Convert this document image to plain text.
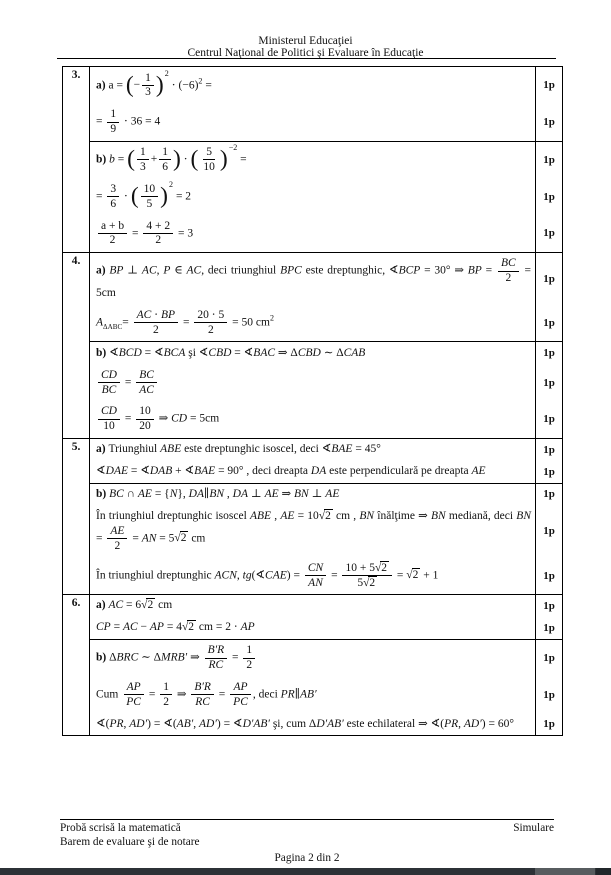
Ministerul Educaţiei
Centrul Naţional de Politici şi Evaluare în Educaţie
3.
a) a = ( − $\frac{1}{3}$ ) 2
⋅ $(-6)^2$ =	1p
= $\frac{1}{9} \cdot 36 = 4$	1p
b) b = ( $\frac{1}{3} + \frac{1}{6}$ ) ⋅ ( $\frac{5}{10}$ ) −2
=	1p
= $\frac{3}{6}$ ⋅ ( $\frac{10}{5}$ ) 2
= 2	1p
$\frac{a + b}{2} = \frac{4 + 2}{2} = 3$	1p
4.
a) BP ⊥ AC, P ∈ AC, deci triunghiul BPC este dreptunghic, ∢BCP = 30° ⇒ BP = $\frac{BC}{2} = 5cm$
1p
$A_{\Delta ABC}= \frac{AC \cdot BP}{2} = \frac{20 \cdot 5}{2} = 50$ $cm^2$	1p
b) ∢BCD = ∢BCA şi ∢CBD = ∢BAC ⇒ ΔCBD ∼ ΔCAB	1p
$\frac{CD}{BC} = \frac{BC}{AC}$	1p
$\frac{CD}{10} = \frac{10}{20}$ ⇒ CD = 5cm	1p
5.	a) Triunghiul ABE este dreptunghic isoscel, deci ∢BAE = 45°	1p
∢DAE = ∢DAB + ∢BAE = 90° , deci dreapta DA este perpendiculară pe dreapta AE	1p
b) BC ∩ AE = {N}, DA∥BN , DA ⊥ AE ⇒ BN ⊥ AE	1p
În triunghiul dreptunghic isoscel ABE , AE = 10√2 cm , BN înălţime ⇒ BN mediană, deci BN = $\frac{AE}{2}$ = AN = 5√2 cm
1p
În triunghiul dreptunghic ACN, tg(∢CAE) = $\frac{CN}{AN} = \frac{10 + 5√2}{5√2} = √2 + 1$	1p
6.	a) AC = 6√2 cm	1p
CP = AC − AP = 4√2 cm = 2 ⋅ AP	1p
b) ΔBRC ∼ ΔMRB′ ⇒ $\frac{B'R}{RC} = \frac{1}{2}$	1p
Cum $\frac{AP}{PC} = \frac{1}{2}$ ⇒ $\frac{B'R}{RC} = \frac{AP}{PC}$ , deci PR∥AB′	1p
∢(PR, AD′) = ∢(AB′, AD′) = ∢D′AB′ şi, cum ΔD′AB′ este echilateral ⇒ ∢(PR, AD′) = 60°	1p
Probă scrisă la matematică	Simulare
Barem de evaluare şi de notare
Pagina 2 din 2
